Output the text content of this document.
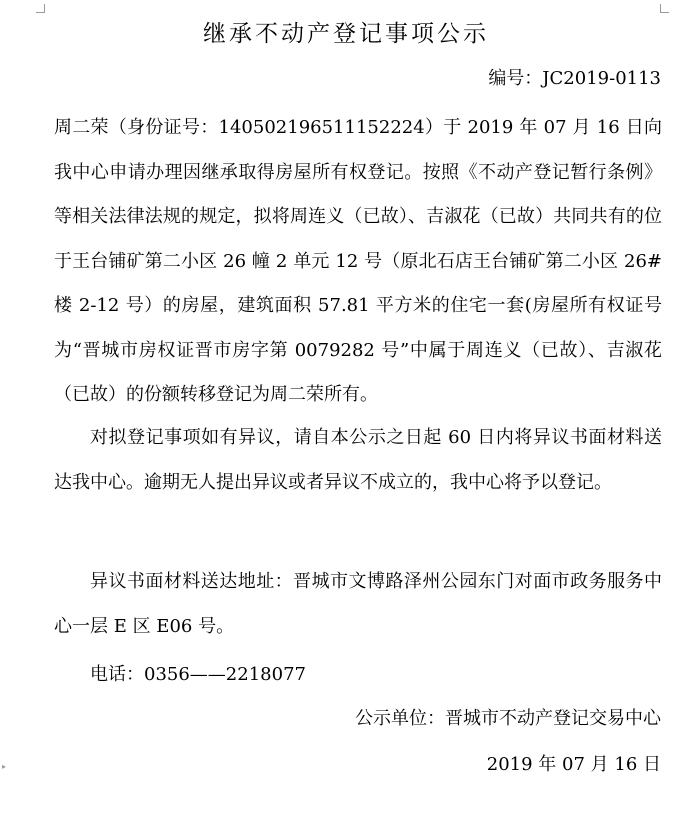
▸
继承不动产登记事项公示
编号：JC2019-0113
周二荣（身份证号：140502196511152224）于 2019 年 07 月 16 日向我中心申请办理因继承取得房屋所有权登记。按照《不动产登记暂行条例》等相关法律法规的规定，拟将周连义（已故）、吉淑花（已故）共同共有的位于王台铺矿第二小区 26 幢 2 单元 12 号（原北石店王台铺矿第二小区 26#楼 2-12 号）的房屋，建筑面积 57.81 平方米的住宅一套(房屋所有权证号为“晋城市房权证晋市房字第 0079282 号”中属于周连义（已故）、吉淑花（已故）的份额转移登记为周二荣所有。
对拟登记事项如有异议，请自本公示之日起 60 日内将异议书面材料送达我中心。逾期无人提出异议或者异议不成立的，我中心将予以登记。
异议书面材料送达地址：晋城市文博路泽州公园东门对面市政务服务中心一层 E 区 E06 号。
电话：0356——2218077
公示单位：晋城市不动产登记交易中心
2019 年 07 月 16 日
